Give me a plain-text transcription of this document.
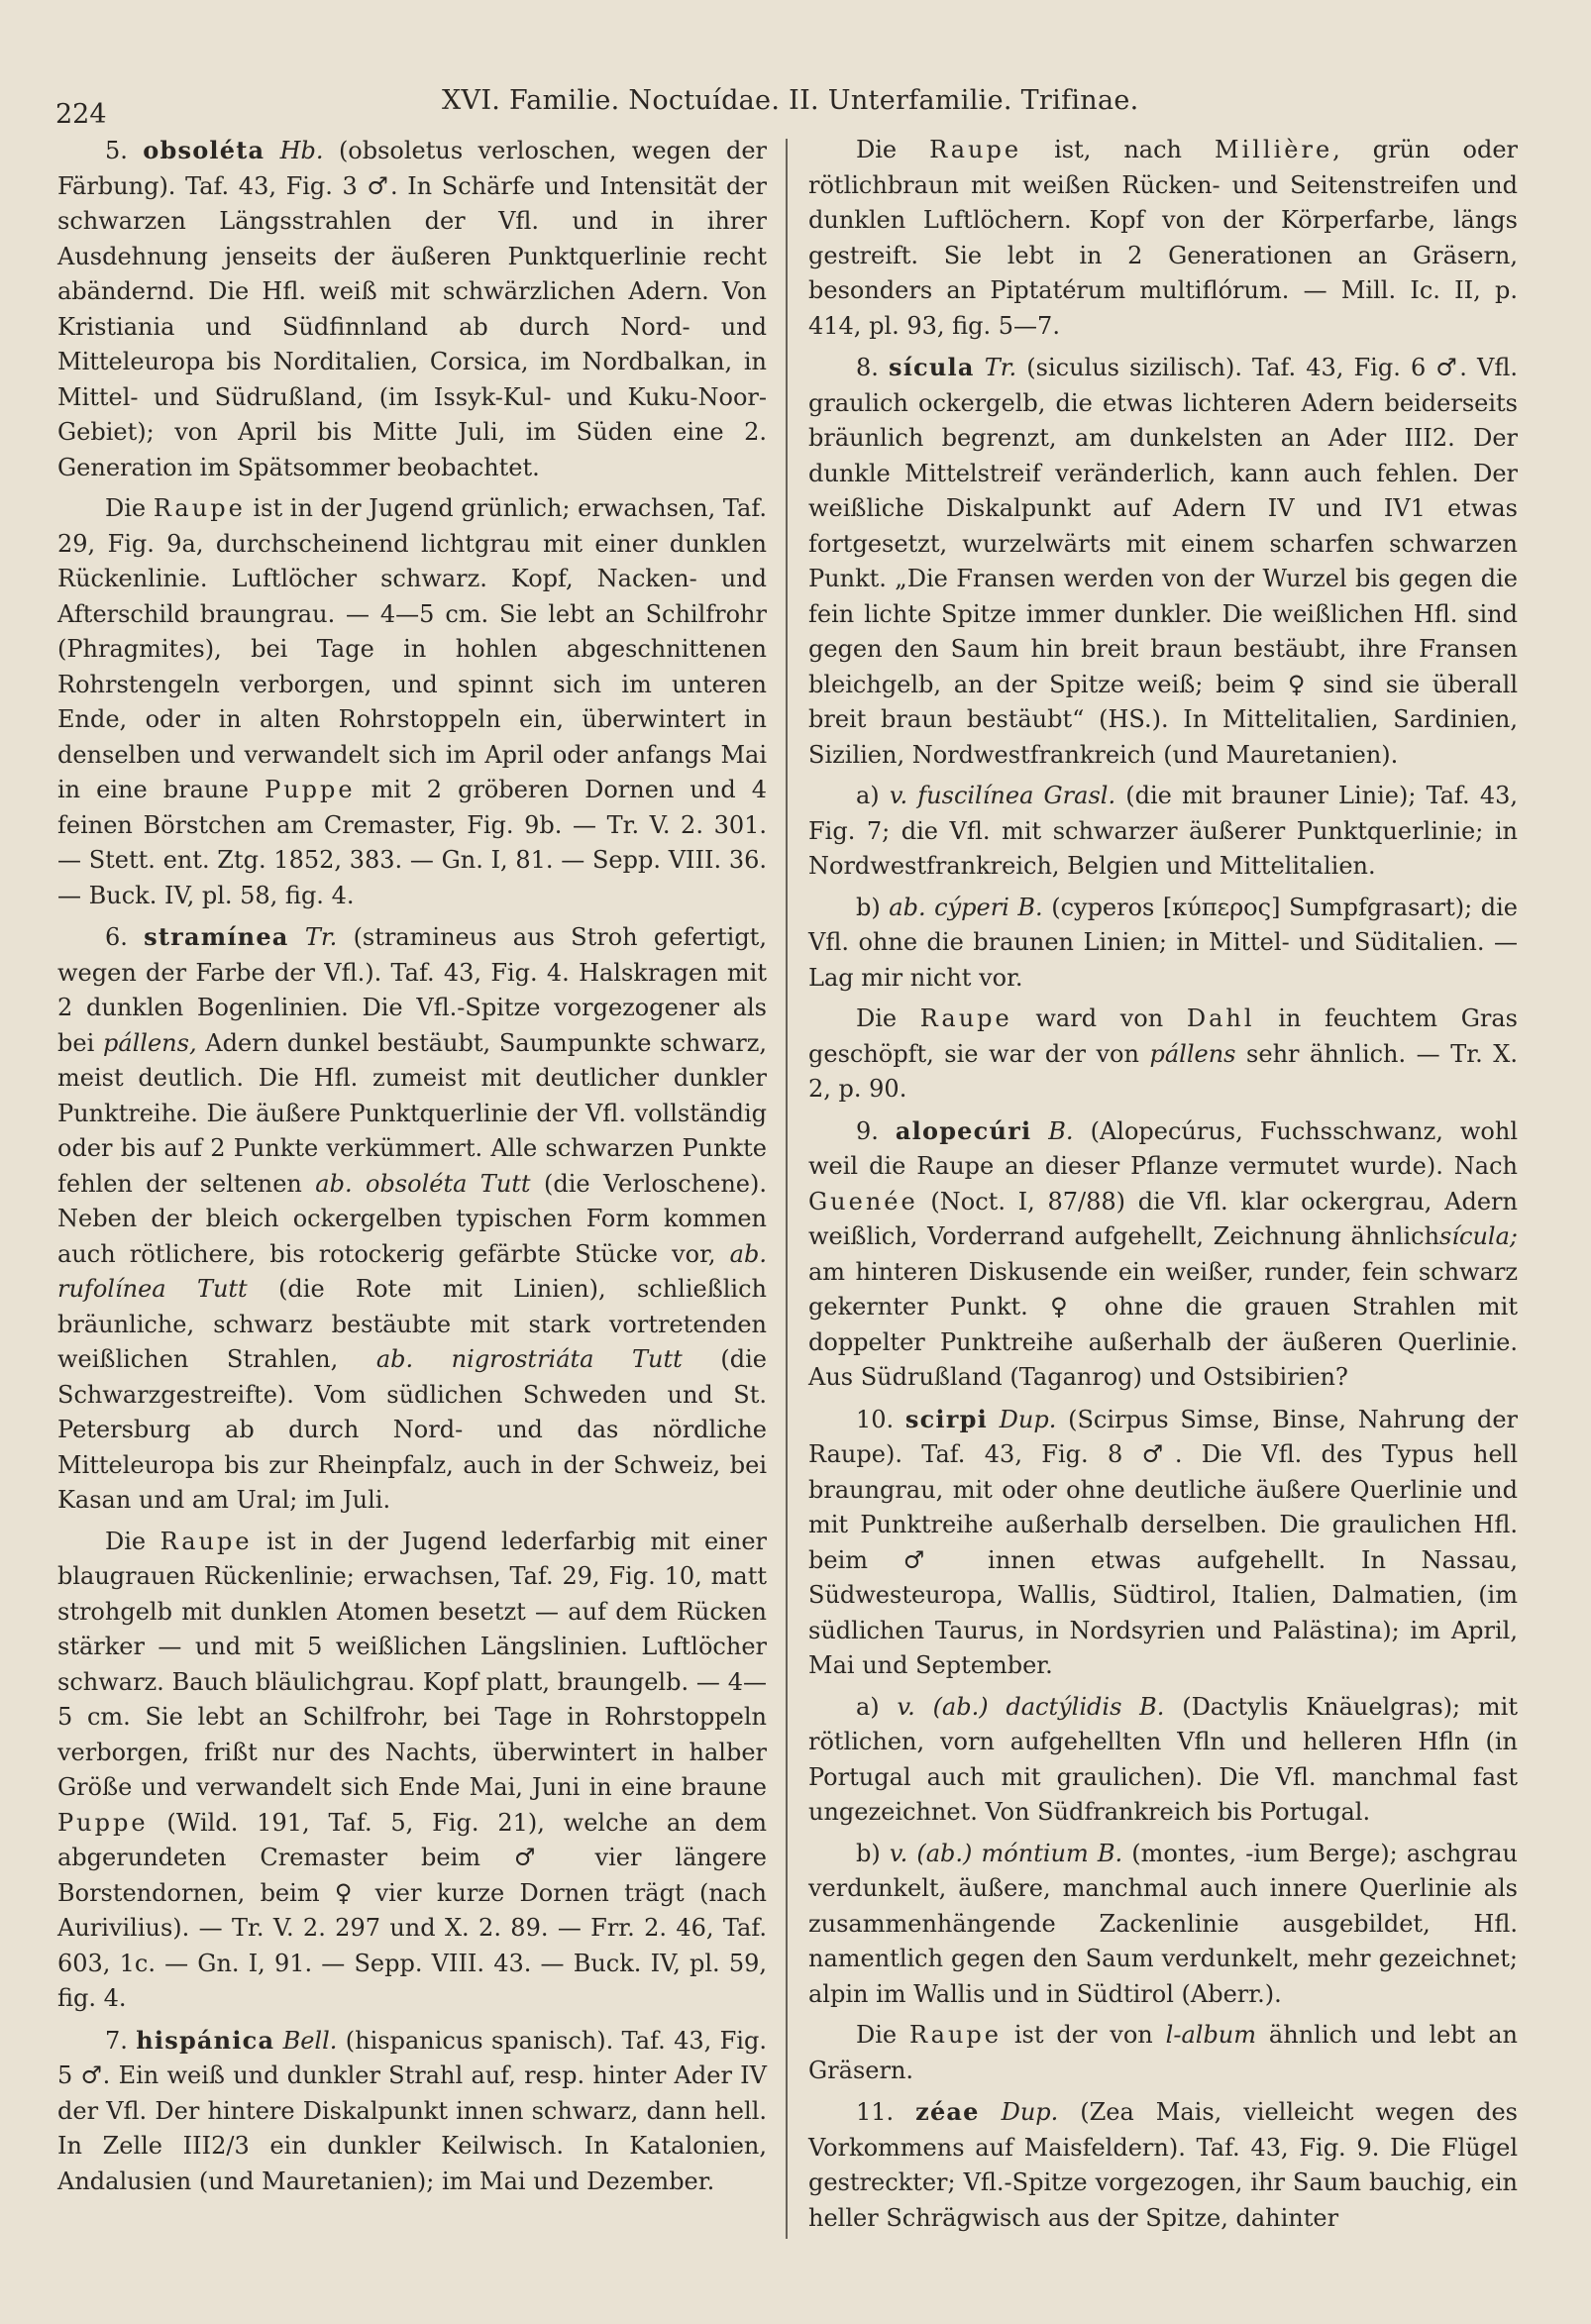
224	XVI. Familie. Noctuídae. II. Unterfamilie. Trifinae.

5. obsoléta Hb. (obsoletus verloschen, wegen der Färbung). Taf. 43, Fig. 3 ♂. In Schärfe und Intensität der schwarzen Längsstrahlen der Vfl. und in ihrer Ausdehnung jenseits der äußeren Punktquerlinie recht abändernd. Die Hfl. weiß mit schwärzlichen Adern. Von Kristiania und Südfinnland ab durch Nord- und Mitteleuropa bis Norditalien, Corsica, im Nordbalkan, in Mittel- und Südrußland, (im Issyk-Kul- und Kuku-Noor-Gebiet); von April bis Mitte Juli, im Süden eine 2. Generation im Spätsommer beobachtet.

Die Raupe ist in der Jugend grünlich; erwachsen, Taf. 29, Fig. 9a, durchscheinend lichtgrau mit einer dunklen Rückenlinie. Luftlöcher schwarz. Kopf, Nacken- und Afterschild braungrau. — 4—5 cm. Sie lebt an Schilfrohr (Phragmites), bei Tage in hohlen abgeschnittenen Rohrstengeln verborgen, und spinnt sich im unteren Ende, oder in alten Rohrstoppeln ein, überwintert in denselben und verwandelt sich im April oder anfangs Mai in eine braune Puppe mit 2 gröberen Dornen und 4 feinen Börstchen am Cremaster, Fig. 9b. — Tr. V. 2. 301. — Stett. ent. Ztg. 1852, 383. — Gn. I, 81. — Sepp. VIII. 36. — Buck. IV, pl. 58, fig. 4.

6. stramínea Tr. (stramineus aus Stroh gefertigt, wegen der Farbe der Vfl.). Taf. 43, Fig. 4. Halskragen mit 2 dunklen Bogenlinien. Die Vfl.-Spitze vorgezogener als bei pállens, Adern dunkel bestäubt, Saumpunkte schwarz, meist deutlich. Die Hfl. zumeist mit deutlicher dunkler Punktreihe. Die äußere Punktquerlinie der Vfl. vollständig oder bis auf 2 Punkte verkümmert. Alle schwarzen Punkte fehlen der seltenen ab. obsoléta Tutt (die Verloschene). Neben der bleich ockergelben typischen Form kommen auch rötlichere, bis rotockerig gefärbte Stücke vor, ab. rufolínea Tutt (die Rote mit Linien), schließlich bräunliche, schwarz bestäubte mit stark vortretenden weißlichen Strahlen, ab. nigrostriáta Tutt (die Schwarzgestreifte). Vom südlichen Schweden und St. Petersburg ab durch Nord- und das nördliche Mitteleuropa bis zur Rheinpfalz, auch in der Schweiz, bei Kasan und am Ural; im Juli.

Die Raupe ist in der Jugend lederfarbig mit einer blaugrauen Rückenlinie; erwachsen, Taf. 29, Fig. 10, matt strohgelb mit dunklen Atomen besetzt — auf dem Rücken stärker — und mit 5 weißlichen Längslinien. Luftlöcher schwarz. Bauch bläulichgrau. Kopf platt, braungelb. — 4—5 cm. Sie lebt an Schilfrohr, bei Tage in Rohrstoppeln verborgen, frißt nur des Nachts, überwintert in halber Größe und verwandelt sich Ende Mai, Juni in eine braune Puppe (Wild. 191, Taf. 5, Fig. 21), welche an dem abgerundeten Cremaster beim ♂ vier längere Borstendornen, beim ♀ vier kurze Dornen trägt (nach Aurivilius). — Tr. V. 2. 297 und X. 2. 89. — Frr. 2. 46, Taf. 603, 1c. — Gn. I, 91. — Sepp. VIII. 43. — Buck. IV, pl. 59, fig. 4.

7. hispánica Bell. (hispanicus spanisch). Taf. 43, Fig. 5 ♂. Ein weiß und dunkler Strahl auf, resp. hinter Ader IV der Vfl. Der hintere Diskalpunkt innen schwarz, dann hell. In Zelle III2/3 ein dunkler Keilwisch. In Katalonien, Andalusien (und Mauretanien); im Mai und Dezember.

Die Raupe ist, nach Millière, grün oder rötlichbraun mit weißen Rücken- und Seitenstreifen und dunklen Luftlöchern. Kopf von der Körperfarbe, längs gestreift. Sie lebt in 2 Generationen an Gräsern, besonders an Piptatérum multiflórum. — Mill. Ic. II, p. 414, pl. 93, fig. 5—7.

8. sícula Tr. (siculus sizilisch). Taf. 43, Fig. 6 ♂. Vfl. graulich ockergelb, die etwas lichteren Adern beiderseits bräunlich begrenzt, am dunkelsten an Ader III2. Der dunkle Mittelstreif veränderlich, kann auch fehlen. Der weißliche Diskalpunkt auf Adern IV und IV1 etwas fortgesetzt, wurzelwärts mit einem scharfen schwarzen Punkt. „Die Fransen werden von der Wurzel bis gegen die fein lichte Spitze immer dunkler. Die weißlichen Hfl. sind gegen den Saum hin breit braun bestäubt, ihre Fransen bleichgelb, an der Spitze weiß; beim ♀ sind sie überall breit braun bestäubt“ (HS.). In Mittelitalien, Sardinien, Sizilien, Nordwestfrankreich (und Mauretanien).

a) v. fuscilínea Grasl. (die mit brauner Linie); Taf. 43, Fig. 7; die Vfl. mit schwarzer äußerer Punktquerlinie; in Nordwestfrankreich, Belgien und Mittelitalien.

b) ab. cýperi B. (cyperos [κύπερος] Sumpfgrasart); die Vfl. ohne die braunen Linien; in Mittel- und Süditalien. — Lag mir nicht vor.

Die Raupe ward von Dahl in feuchtem Gras geschöpft, sie war der von pállens sehr ähnlich. — Tr. X. 2, p. 90.

9. alopecúri B. (Alopecúrus, Fuchsschwanz, wohl weil die Raupe an dieser Pflanze vermutet wurde). Nach Guenée (Noct. I, 87/88) die Vfl. klar ockergrau, Adern weißlich, Vorderrand aufgehellt, Zeichnung ähnlichsícula; am hinteren Diskusende ein weißer, runder, fein schwarz gekernter Punkt. ♀ ohne die grauen Strahlen mit doppelter Punktreihe außerhalb der äußeren Querlinie. Aus Südrußland (Taganrog) und Ostsibirien?

10. scirpi Dup. (Scirpus Simse, Binse, Nahrung der Raupe). Taf. 43, Fig. 8 ♂. Die Vfl. des Typus hell braungrau, mit oder ohne deutliche äußere Querlinie und mit Punktreihe außerhalb derselben. Die graulichen Hfl. beim ♂ innen etwas aufgehellt. In Nassau, Südwesteuropa, Wallis, Südtirol, Italien, Dalmatien, (im südlichen Taurus, in Nordsyrien und Palästina); im April, Mai und September.

a) v. (ab.) dactýlidis B. (Dactylis Knäuelgras); mit rötlichen, vorn aufgehellten Vfln und helleren Hfln (in Portugal auch mit graulichen). Die Vfl. manchmal fast ungezeichnet. Von Südfrankreich bis Portugal.

b) v. (ab.) móntium B. (montes, -ium Berge); aschgrau verdunkelt, äußere, manchmal auch innere Querlinie als zusammenhängende Zackenlinie ausgebildet, Hfl. namentlich gegen den Saum verdunkelt, mehr gezeichnet; alpin im Wallis und in Südtirol (Aberr.).

Die Raupe ist der von l-album ähnlich und lebt an Gräsern.

11. zéae Dup. (Zea Mais, vielleicht wegen des Vorkommens auf Maisfeldern). Taf. 43, Fig. 9. Die Flügel gestreckter; Vfl.-Spitze vorgezogen, ihr Saum bauchig, ein heller Schrägwisch aus der Spitze, dahinter
